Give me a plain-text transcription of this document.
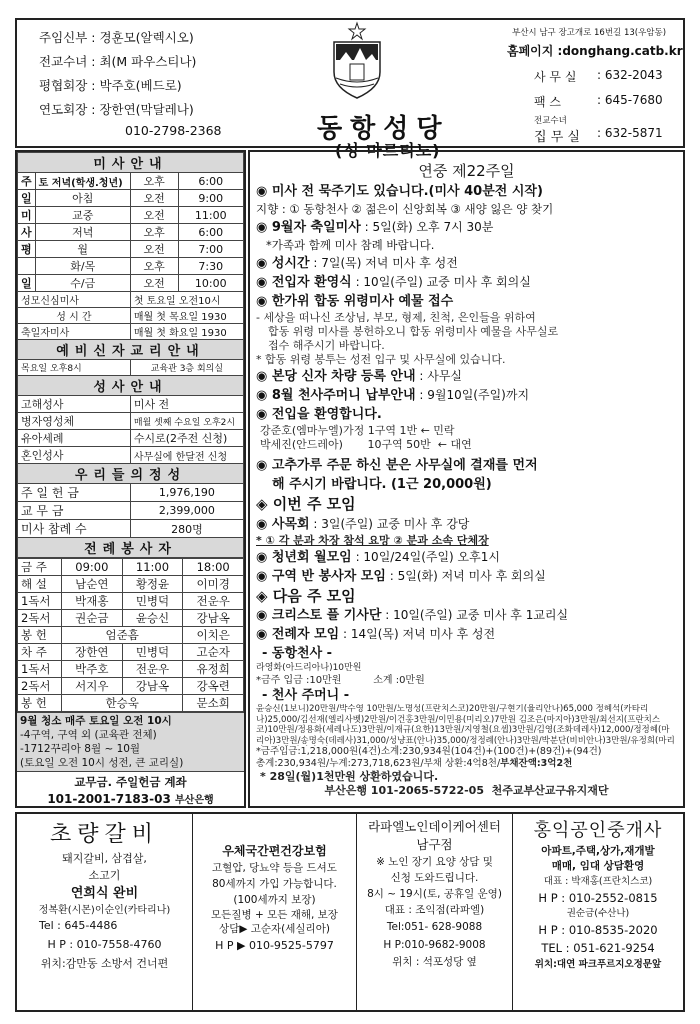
주임신부 : 경훈모(알렉시오)
전교수녀 : 최(M 파우스티나)
평협회장 : 박주호(베드로)
연도회장 : 장한연(막달레나)
010-2798-2368	동항성당
(성 마르티노)
부산시 남구 장고개로 16번길 13(우암동)
홈페이지 :donghang.catb.kr
사 무 실 : 632-2043
팩 스	: 645-7680
전교수녀
집 무 실 : 632-5871
미사안내			
주	토 저녁(학생.청년)	오후	6:00
일	아침	오전	9:00
미	교중	오전	11:00
사	저녁	오후	6:00
평	월	오전	7:00
	화/목	오후	7:30
일	수/금	오전	10:00
성모신심미사		첫 토요일 오전10시	
성 시 간		매월 첫 목요일 1930	
축일자미사		매월 첫 화요일 1930	
예비신자교리안내			
목요일 오후8시		교육관 3층 회의실	
성사안내			
고해성사		미사 전	
병자영성체		매월 셋째 수요일 오후2시	
유아세례		수시로(2주전 신청)	
혼인성사		사무실에 한달전 신청	
우리들의정성			
주 일 헌 금		1,976,190	
교 무 금		2,399,000	
미사 참례 수		280명	
전례봉사자			
금 주	09:00	11:00	18:00
해 설	남순연	황정윤	이미경
1독서	박재홍	민병덕	전운우
2독서	권순금	윤승신	강남옥
봉 헌	엄준흠		이치은
차 주	장한연	민병덕	고순자
1독서	박주호	전운우	유정희
2독서	서지우	강남옥	강옥련
봉 헌	한승욱		문소희
9월 청소 매주 토요일 오전 10시
-4구역, 구역 외 (교육관 전체)
-1712꾸리아 8월 ~ 10월
(토요일 오전 10시 성전, 큰 교리실)
교무금. 주일헌금 계좌
101-2001-7183-03 부산은행
연중 제22주일
◉ 미사 전 묵주기도 있습니다.(미사 40분전 시작)
지향 : ① 동항천사 ② 젊은이 신앙회복 ③ 새양 잃은 양 찾기
◉ 9월자 축일미사 : 5일(화) 오후 7시 30분
*가족과 함께 미사 참례 바랍니다.
◉ 성시간 : 7일(목) 저녁 미사 후 성전
◉ 전입자 환영식 : 10일(주일) 교중 미사 후 회의실
◉ 한가위 합동 위령미사 예물 접수
- 세상을 떠나신 조상님, 부모, 형제, 친척, 은인들을 위하여
합동 위령 미사를 봉헌하오니 합동 위령미사 예물을 사무실로
접수 해주시기 바랍니다.
* 합동 위령 봉투는 성전 입구 및 사무실에 있습니다.
◉ 본당 신자 차량 등록 안내 : 사무실
◉ 8월 천사주머니 납부안내 : 9월10일(주일)까지
◉ 전입을 환영합니다.
강준호(엠마누엘)가정 1구역 1반 ← 민락
박세진(안드레아)       10구역 50반  ← 대연
◉ 고추가루 주문 하신 분은 사무실에 결재를 먼저
해 주시기 바랍니다. (1근 20,000원)
◈ 이번 주 모임
◉ 사목회 : 3일(주일) 교중 미사 후 강당
* ① 각 분과 차장 참석 요망 ② 분과 소속 단체장
◉ 청년회 월모임 : 10일/24일(주일) 오후1시
◉ 구역 반 봉사자 모임 : 5일(화) 저녁 미사 후 회의실
◈ 다음 주 모임
◉ 크리스토 플 기사단 : 10일(주일) 교중 미사 후 1교리실
◉ 전례자 모임 : 14일(목) 저녁 미사 후 성전
- 동항천사 -
라영화(아드리아나)10만원
*금주 입금 :10만원          소계 :0만원
- 천사 주머니 -
윤승신(1보니)20만원/박수영 10만원/노명성(프란치스코)20만원/구현기(율리안나)65,000 정혜석(카타리나)25,000/김선재(엘리사벳)2만원/이건홍3만원/이민용(미리오)7만원 김조은(마지아)3만원/최선지(프란치스코)10만원/정용화(세레나도)3만원/이재규(요한)13만원/지영철(요셉)3만원/김영(조화데레사)12,000/정정혜(마리아)3만원/송명숙(데레사)31,000/성냥표(안나)35,000/정정례(안나)3만원/박분단(비비안나)3만원/유정희(마리
*금주입금:1,218,000원(4건)소계:230,934원(104건)+(100건)+(89건)+(94건)
총계:230,934원/누계:273,718,623원/부채 상환:4억8천/부채잔액:3억2천
* 28일(월)1천만원 상환하였습니다.
부산은행 101-2065-5722-05  천주교부산교구유지재단
초량갈비
돼지갈비, 삼겹살,
소고기
연희식 완비
정복환(시몬)이순인(카타리나)
Tel : 645-4486
H P : 010-7558-4760
위치:감만동 소방서 건너편
우체국간편건강보험
고혈압, 당뇨약 등을 드셔도
80세까지 가입 가능합니다.
(100세까지 보장)
모든질병 + 모든 재해, 보장
상담▶ 고순자(세실리아)
H P ▶ 010-9525-5797
라파엘노인데이케어센터
남구점
※ 노인 장기 요양 상담 및
신청 도와드립니다.
8시 ~ 19시(토, 공휴일 운영)
대표 : 조익점(라파엘)
Tel:051- 628-9088
H P:010-9682-9008
위치 : 석포성당 옆
홍익공인중개사
아파트,주택,상가,재개발
매매, 임대 상담환영
대표 : 박재홍(프란치스코)
H P : 010-2552-0815
권순금(수산나)
H P : 010-8535-2020
TEL : 051-621-9254
위치:대연 파크푸르지오정문앞
